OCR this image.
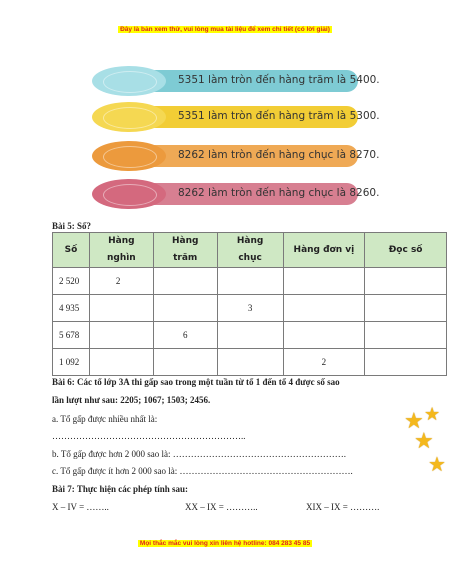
Đây là bản xem thử, vui lòng mua tài liệu để xem chi tiết (có lời giải)
5351 làm tròn đến hàng trăm là 5400.
5351 làm tròn đến hàng trăm là 5300.
8262 làm tròn đến hàng chục là 8270.
8262 làm tròn đến hàng chục là 8260.
Bài 5: Số?
Số	Hàng nghìn	Hàng trăm	Hàng chục	Hàng đơn vị	Đọc số
2 520	2				
4 935			3		
5 678		6			
1 092				2	
Bài 6: Các tổ lớp 3A thi gấp sao trong một tuần từ tổ 1 đến tổ 4 được số sao
lần lượt như sau: 2205; 1067; 1503; 2456.
a. Tổ gấp được nhiều nhất là:
………………………………………………………..
b. Tổ gấp được hơn 2 000 sao là: ………………………………………………….
c. Tổ gấp được ít hơn 2 000 sao là: ………………………………………………….
Bài 7: Thực hiện các phép tính sau:
X – IV = ……..	XX – IX = ………..	XIX – IX = ……….
★ ★
★
★
Mọi thắc mắc vui lòng xin liên hệ hotline: 084 283 45 85
